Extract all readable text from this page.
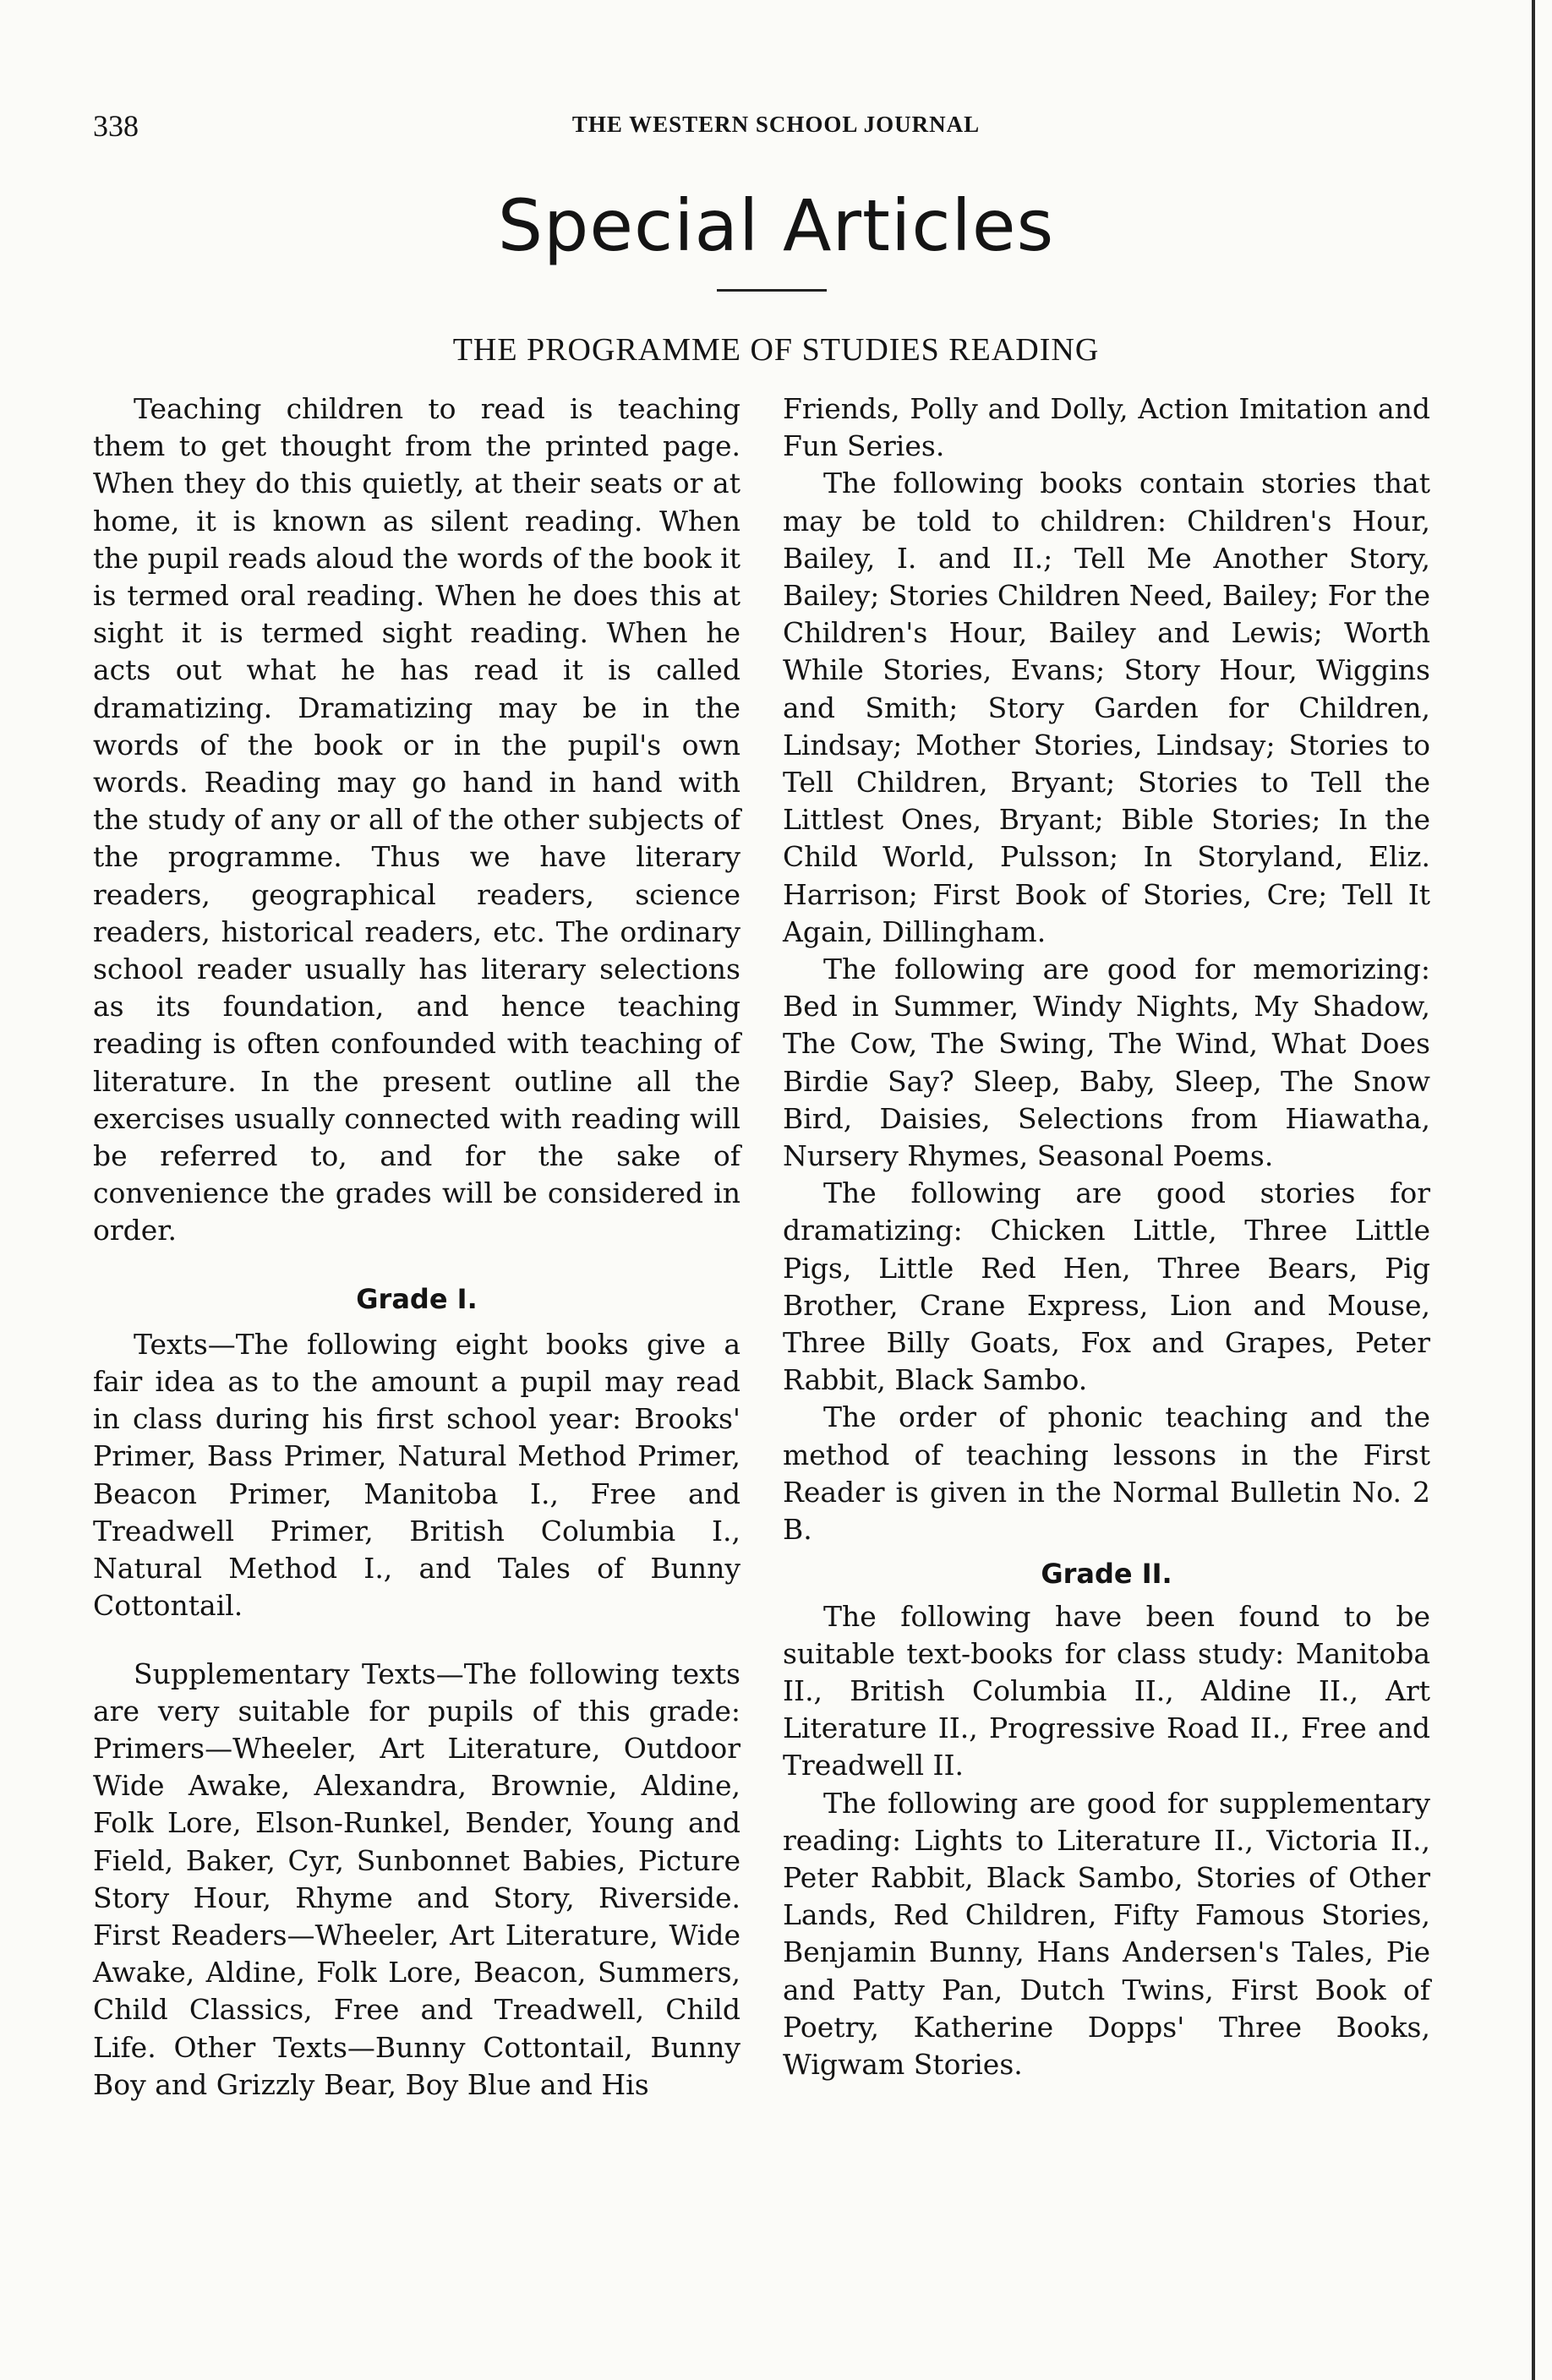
338	THE WESTERN SCHOOL JOURNAL
Special Articles
THE PROGRAMME OF STUDIES READING

Teaching children to read is teaching them to get thought from the printed page. When they do this quietly, at their seats or at home, it is known as silent reading. When the pupil reads aloud the words of the book it is termed oral reading. When he does this at sight it is termed sight reading. When he acts out what he has read it is called dramatizing. Dramatizing may be in the words of the book or in the pupil's own words. Reading may go hand in hand with the study of any or all of the other subjects of the programme. Thus we have literary readers, geographical readers, science readers, historical readers, etc. The ordinary school reader usually has literary selections as its foundation, and hence teaching reading is often confounded with teaching of literature. In the present outline all the exercises usually connected with reading will be referred to, and for the sake of convenience the grades will be considered in order.

Grade I.

Texts—The following eight books give a fair idea as to the amount a pupil may read in class during his first school year: Brooks' Primer, Bass Primer, Natural Method Primer, Beacon Primer, Manitoba I., Free and Treadwell Primer, British Columbia I., Natural Method I., and Tales of Bunny Cottontail.

Supplementary Texts—The following texts are very suitable for pupils of this grade: Primers—Wheeler, Art Literature, Outdoor Wide Awake, Alexandra, Brownie, Aldine, Folk Lore, Elson-Runkel, Bender, Young and Field, Baker, Cyr, Sunbonnet Babies, Picture Story Hour, Rhyme and Story, Riverside. First Readers—Wheeler, Art Literature, Wide Awake, Aldine, Folk Lore, Beacon, Summers, Child Classics, Free and Treadwell, Child Life. Other Texts—Bunny Cottontail, Bunny Boy and Grizzly Bear, Boy Blue and His

Friends, Polly and Dolly, Action Imitation and Fun Series.

The following books contain stories that may be told to children: Children's Hour, Bailey, I. and II.; Tell Me Another Story, Bailey; Stories Children Need, Bailey; For the Children's Hour, Bailey and Lewis; Worth While Stories, Evans; Story Hour, Wiggins and Smith; Story Garden for Children, Lindsay; Mother Stories, Lindsay; Stories to Tell Children, Bryant; Stories to Tell the Littlest Ones, Bryant; Bible Stories; In the Child World, Pulsson; In Storyland, Eliz. Harrison; First Book of Stories, Cre; Tell It Again, Dillingham.

The following are good for memorizing: Bed in Summer, Windy Nights, My Shadow, The Cow, The Swing, The Wind, What Does Birdie Say? Sleep, Baby, Sleep, The Snow Bird, Daisies, Selections from Hiawatha, Nursery Rhymes, Seasonal Poems.

The following are good stories for dramatizing: Chicken Little, Three Little Pigs, Little Red Hen, Three Bears, Pig Brother, Crane Express, Lion and Mouse, Three Billy Goats, Fox and Grapes, Peter Rabbit, Black Sambo.

The order of phonic teaching and the method of teaching lessons in the First Reader is given in the Normal Bulletin No. 2 B.

Grade II.

The following have been found to be suitable text-books for class study: Manitoba II., British Columbia II., Aldine II., Art Literature II., Progressive Road II., Free and Treadwell II.

The following are good for supplementary reading: Lights to Literature II., Victoria II., Peter Rabbit, Black Sambo, Stories of Other Lands, Red Children, Fifty Famous Stories, Benjamin Bunny, Hans Andersen's Tales, Pie and Patty Pan, Dutch Twins, First Book of Poetry, Katherine Dopps' Three Books, Wigwam Stories.
